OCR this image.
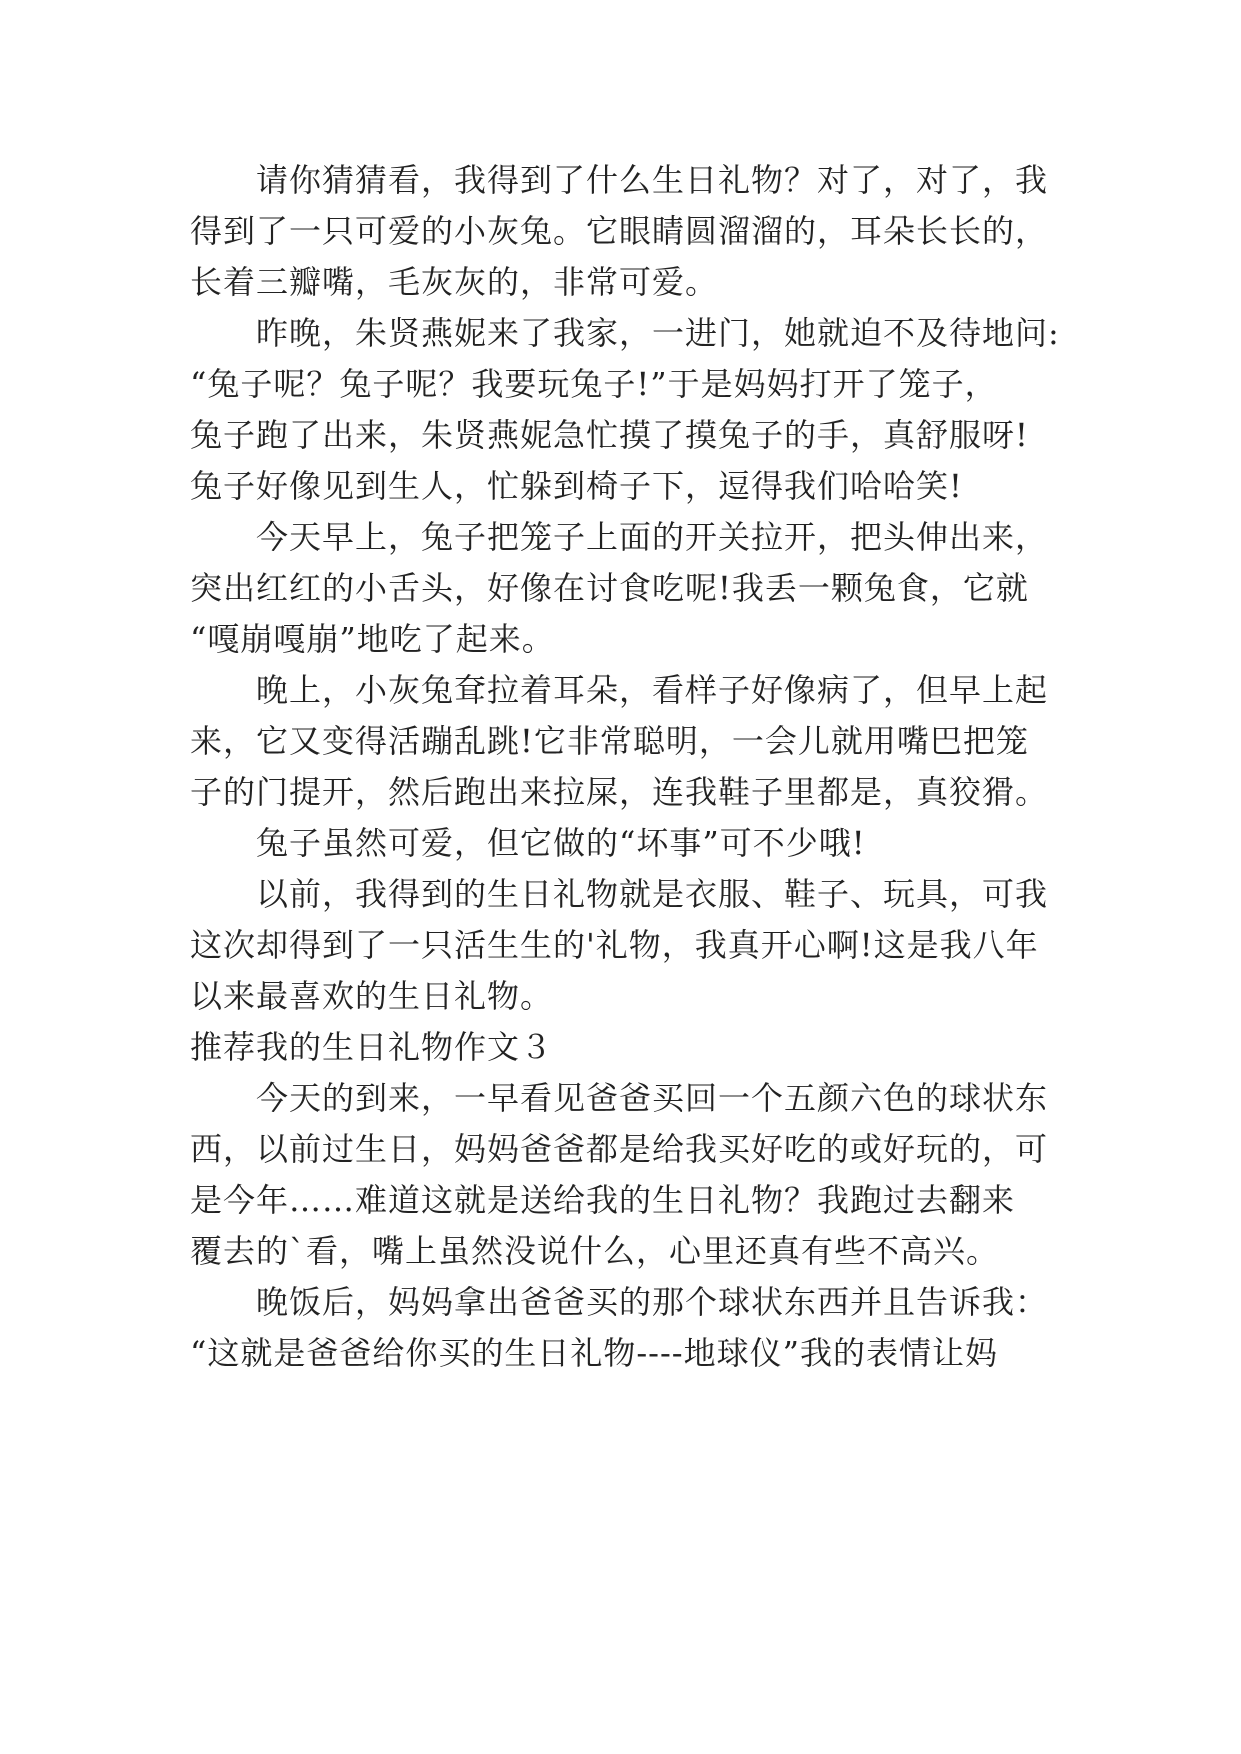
请你猜猜看，我得到了什么生日礼物？对了，对了，我
得到了一只可爱的小灰兔。它眼睛圆溜溜的，耳朵长长的，
长着三瓣嘴，毛灰灰的，非常可爱。
昨晚，朱贤燕妮来了我家，一进门，她就迫不及待地问:
“兔子呢？兔子呢？我要玩兔子!”于是妈妈打开了笼子，
兔子跑了出来，朱贤燕妮急忙摸了摸兔子的手，真舒服呀!
兔子好像见到生人，忙躲到椅子下，逗得我们哈哈笑!
今天早上，兔子把笼子上面的开关拉开，把头伸出来，
突出红红的小舌头，好像在讨食吃呢!我丢一颗兔食，它就
“嘎崩嘎崩”地吃了起来。
晚上，小灰兔耷拉着耳朵，看样子好像病了，但早上起
来，它又变得活蹦乱跳!它非常聪明，一会儿就用嘴巴把笼
子的门提开，然后跑出来拉屎，连我鞋子里都是，真狡猾。
兔子虽然可爱，但它做的“坏事”可不少哦!
以前，我得到的生日礼物就是衣服、鞋子、玩具，可我
这次却得到了一只活生生的'礼物，我真开心啊!这是我八年
以来最喜欢的生日礼物。
推荐我的生日礼物作文３
今天的到来，一早看见爸爸买回一个五颜六色的球状东
西，以前过生日，妈妈爸爸都是给我买好吃的或好玩的，可
是今年……难道这就是送给我的生日礼物？我跑过去翻来
覆去的`看，嘴上虽然没说什么，心里还真有些不高兴。
晚饭后，妈妈拿出爸爸买的那个球状东西并且告诉我：
“这就是爸爸给你买的生日礼物----地球仪”我的表情让妈
